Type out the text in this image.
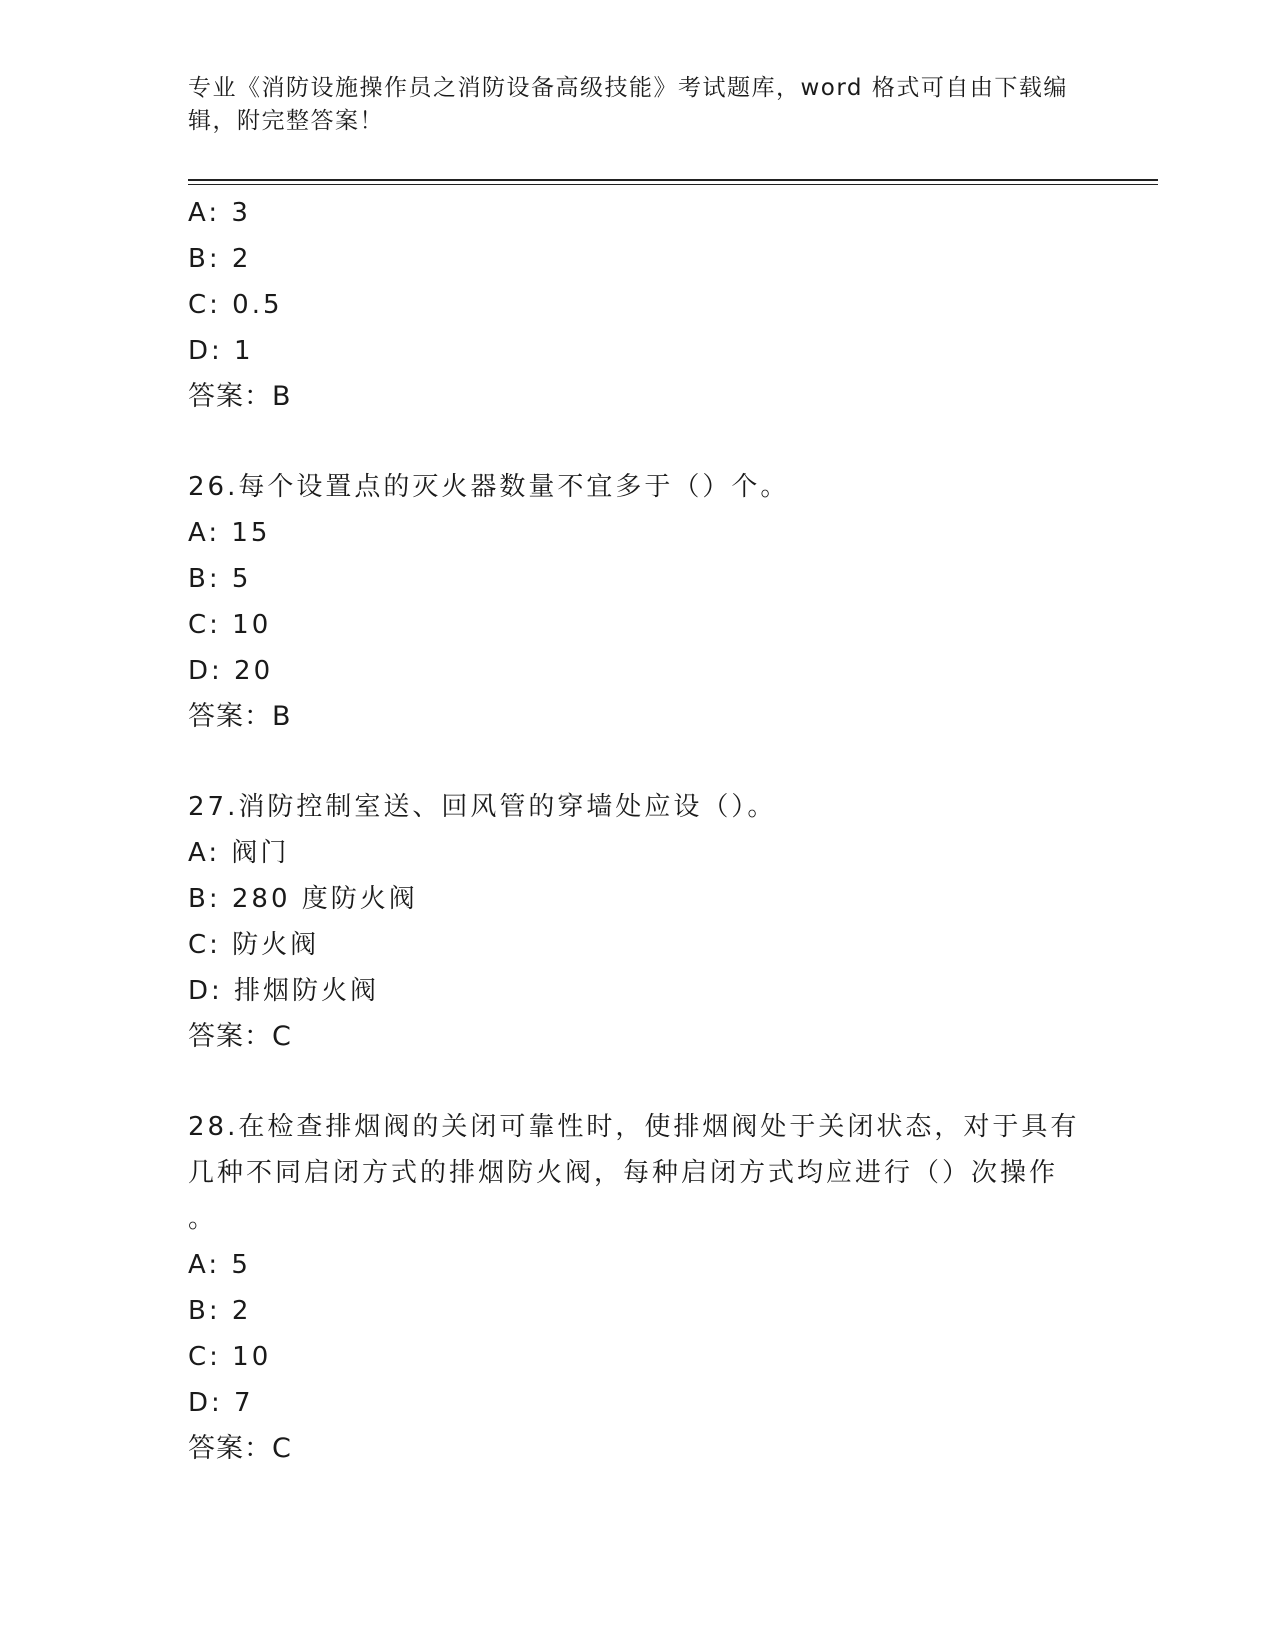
专业《消防设施操作员之消防设备高级技能》考试题库，word 格式可自由下载编
辑，附完整答案！
A: 3
B: 2
C: 0.5
D: 1
答案：B
26.每个设置点的灭火器数量不宜多于（）个。
A: 15
B: 5
C: 10
D: 20
答案：B
27.消防控制室送、回风管的穿墙处应设（）。
A: 阀门
B: 280 度防火阀
C: 防火阀
D: 排烟防火阀
答案：C
28.在检查排烟阀的关闭可靠性时，使排烟阀处于关闭状态，对于具有
几种不同启闭方式的排烟防火阀，每种启闭方式均应进行（）次操作
。
A: 5
B: 2
C: 10
D: 7
答案：C
